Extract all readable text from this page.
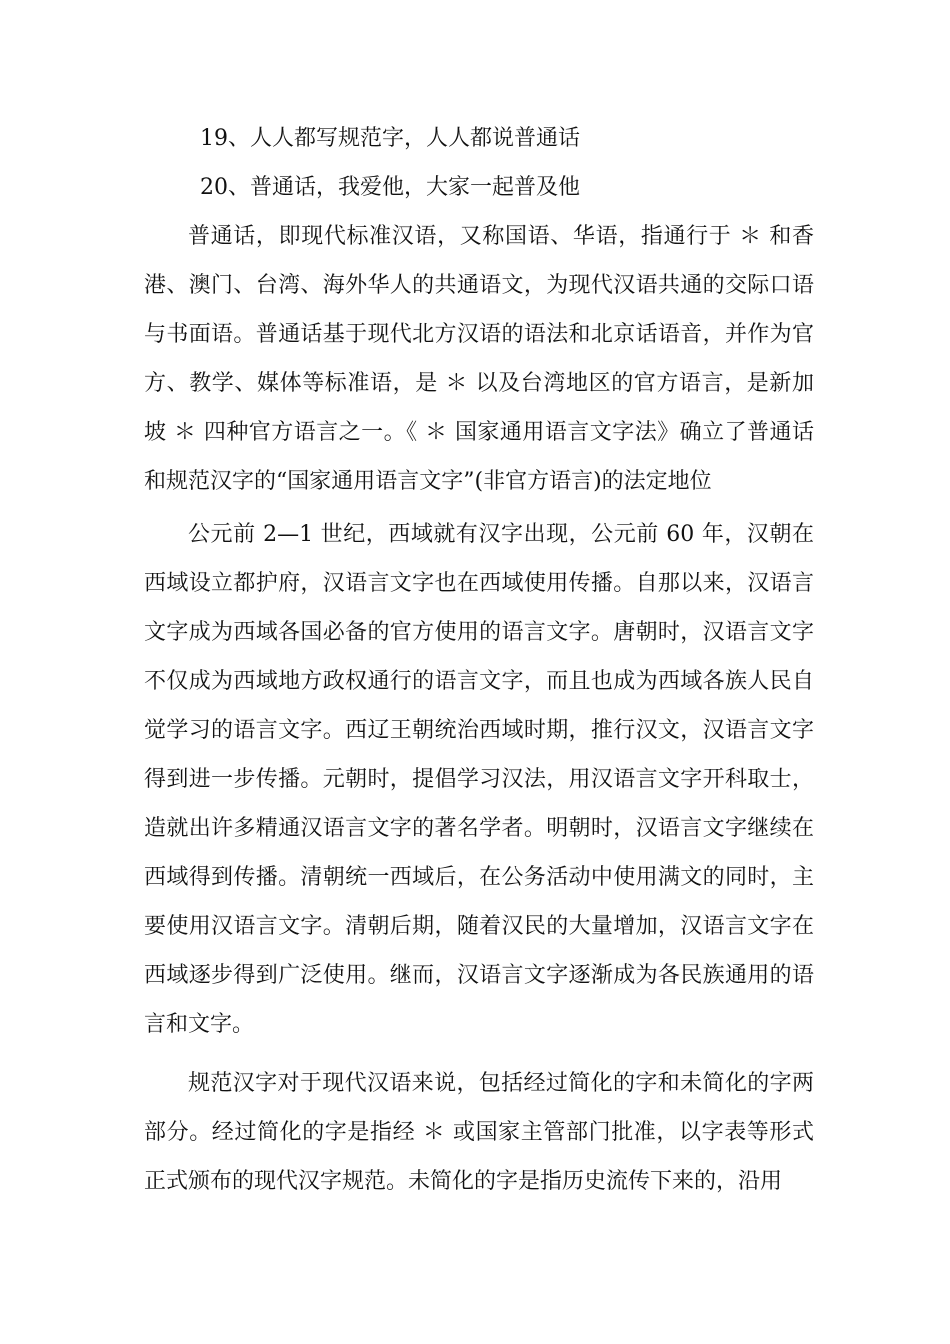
19、人人都写规范字，人人都说普通话

20、普通话，我爱他，大家一起普及他

普通话，即现代标准汉语，又称国语、华语，指通行于 ＊ 和香港、澳门、台湾、海外华人的共通语文，为现代汉语共通的交际口语与书面语。普通话基于现代北方汉语的语法和北京话语音，并作为官方、教学、媒体等标准语，是 ＊ 以及台湾地区的官方语言，是新加坡 ＊ 四种官方语言之一。《 ＊ 国家通用语言文字法》确立了普通话和规范汉字的“国家通用语言文字”(非官方语言)的法定地位

公元前 2—1 世纪，西域就有汉字出现，公元前 60 年，汉朝在西域设立都护府，汉语言文字也在西域使用传播。自那以来，汉语言文字成为西域各国必备的官方使用的语言文字。唐朝时，汉语言文字不仅成为西域地方政权通行的语言文字，而且也成为西域各族人民自觉学习的语言文字。西辽王朝统治西域时期，推行汉文，汉语言文字得到进一步传播。元朝时，提倡学习汉法，用汉语言文字开科取士，造就出许多精通汉语言文字的著名学者。明朝时，汉语言文字继续在西域得到传播。清朝统一西域后，在公务活动中使用满文的同时，主要使用汉语言文字。清朝后期，随着汉民的大量增加，汉语言文字在西域逐步得到广泛使用。继而，汉语言文字逐渐成为各民族通用的语言和文字。

规范汉字对于现代汉语来说，包括经过简化的字和未简化的字两部分。经过简化的字是指经 ＊ 或国家主管部门批准，以字表等形式正式颁布的现代汉字规范。未简化的字是指历史流传下来的，沿用
